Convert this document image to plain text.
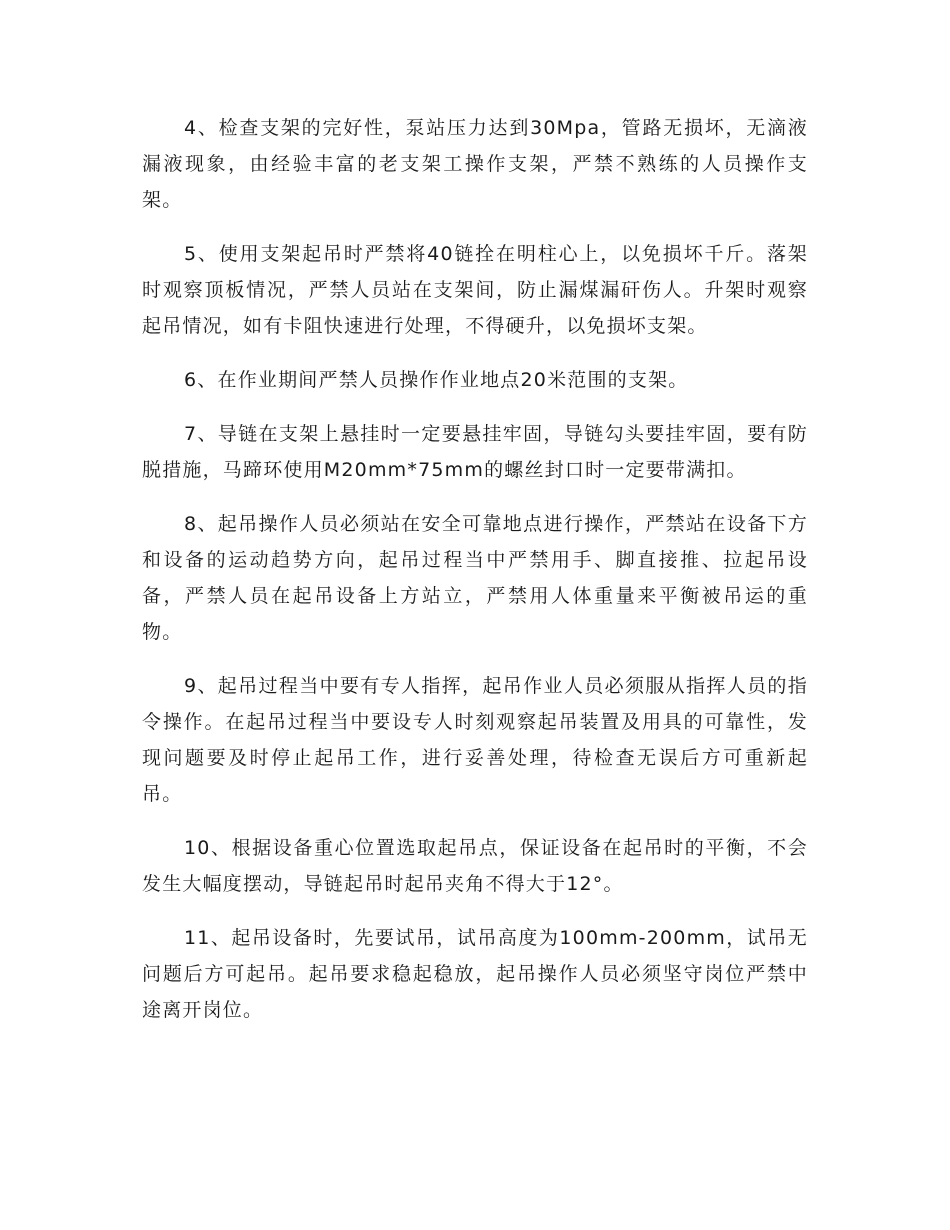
4、检查支架的完好性，泵站压力达到30Mpa，管路无损坏，无滴液漏液现象，由经验丰富的老支架工操作支架，严禁不熟练的人员操作支架。

5、使用支架起吊时严禁将40链拴在明柱心上，以免损坏千斤。落架时观察顶板情况，严禁人员站在支架间，防止漏煤漏矸伤人。升架时观察起吊情况，如有卡阻快速进行处理，不得硬升，以免损坏支架。

6、在作业期间严禁人员操作作业地点20米范围的支架。

7、导链在支架上悬挂时一定要悬挂牢固，导链勾头要挂牢固，要有防脱措施，马蹄环使用M20mm*75mm的螺丝封口时一定要带满扣。

8、起吊操作人员必须站在安全可靠地点进行操作，严禁站在设备下方和设备的运动趋势方向，起吊过程当中严禁用手、脚直接推、拉起吊设备，严禁人员在起吊设备上方站立，严禁用人体重量来平衡被吊运的重物。

9、起吊过程当中要有专人指挥，起吊作业人员必须服从指挥人员的指令操作。在起吊过程当中要设专人时刻观察起吊装置及用具的可靠性，发现问题要及时停止起吊工作，进行妥善处理，待检查无误后方可重新起吊。

10、根据设备重心位置选取起吊点，保证设备在起吊时的平衡，不会发生大幅度摆动，导链起吊时起吊夹角不得大于12°。

11、起吊设备时，先要试吊，试吊高度为100mm-200mm，试吊无问题后方可起吊。起吊要求稳起稳放，起吊操作人员必须坚守岗位严禁中途离开岗位。
